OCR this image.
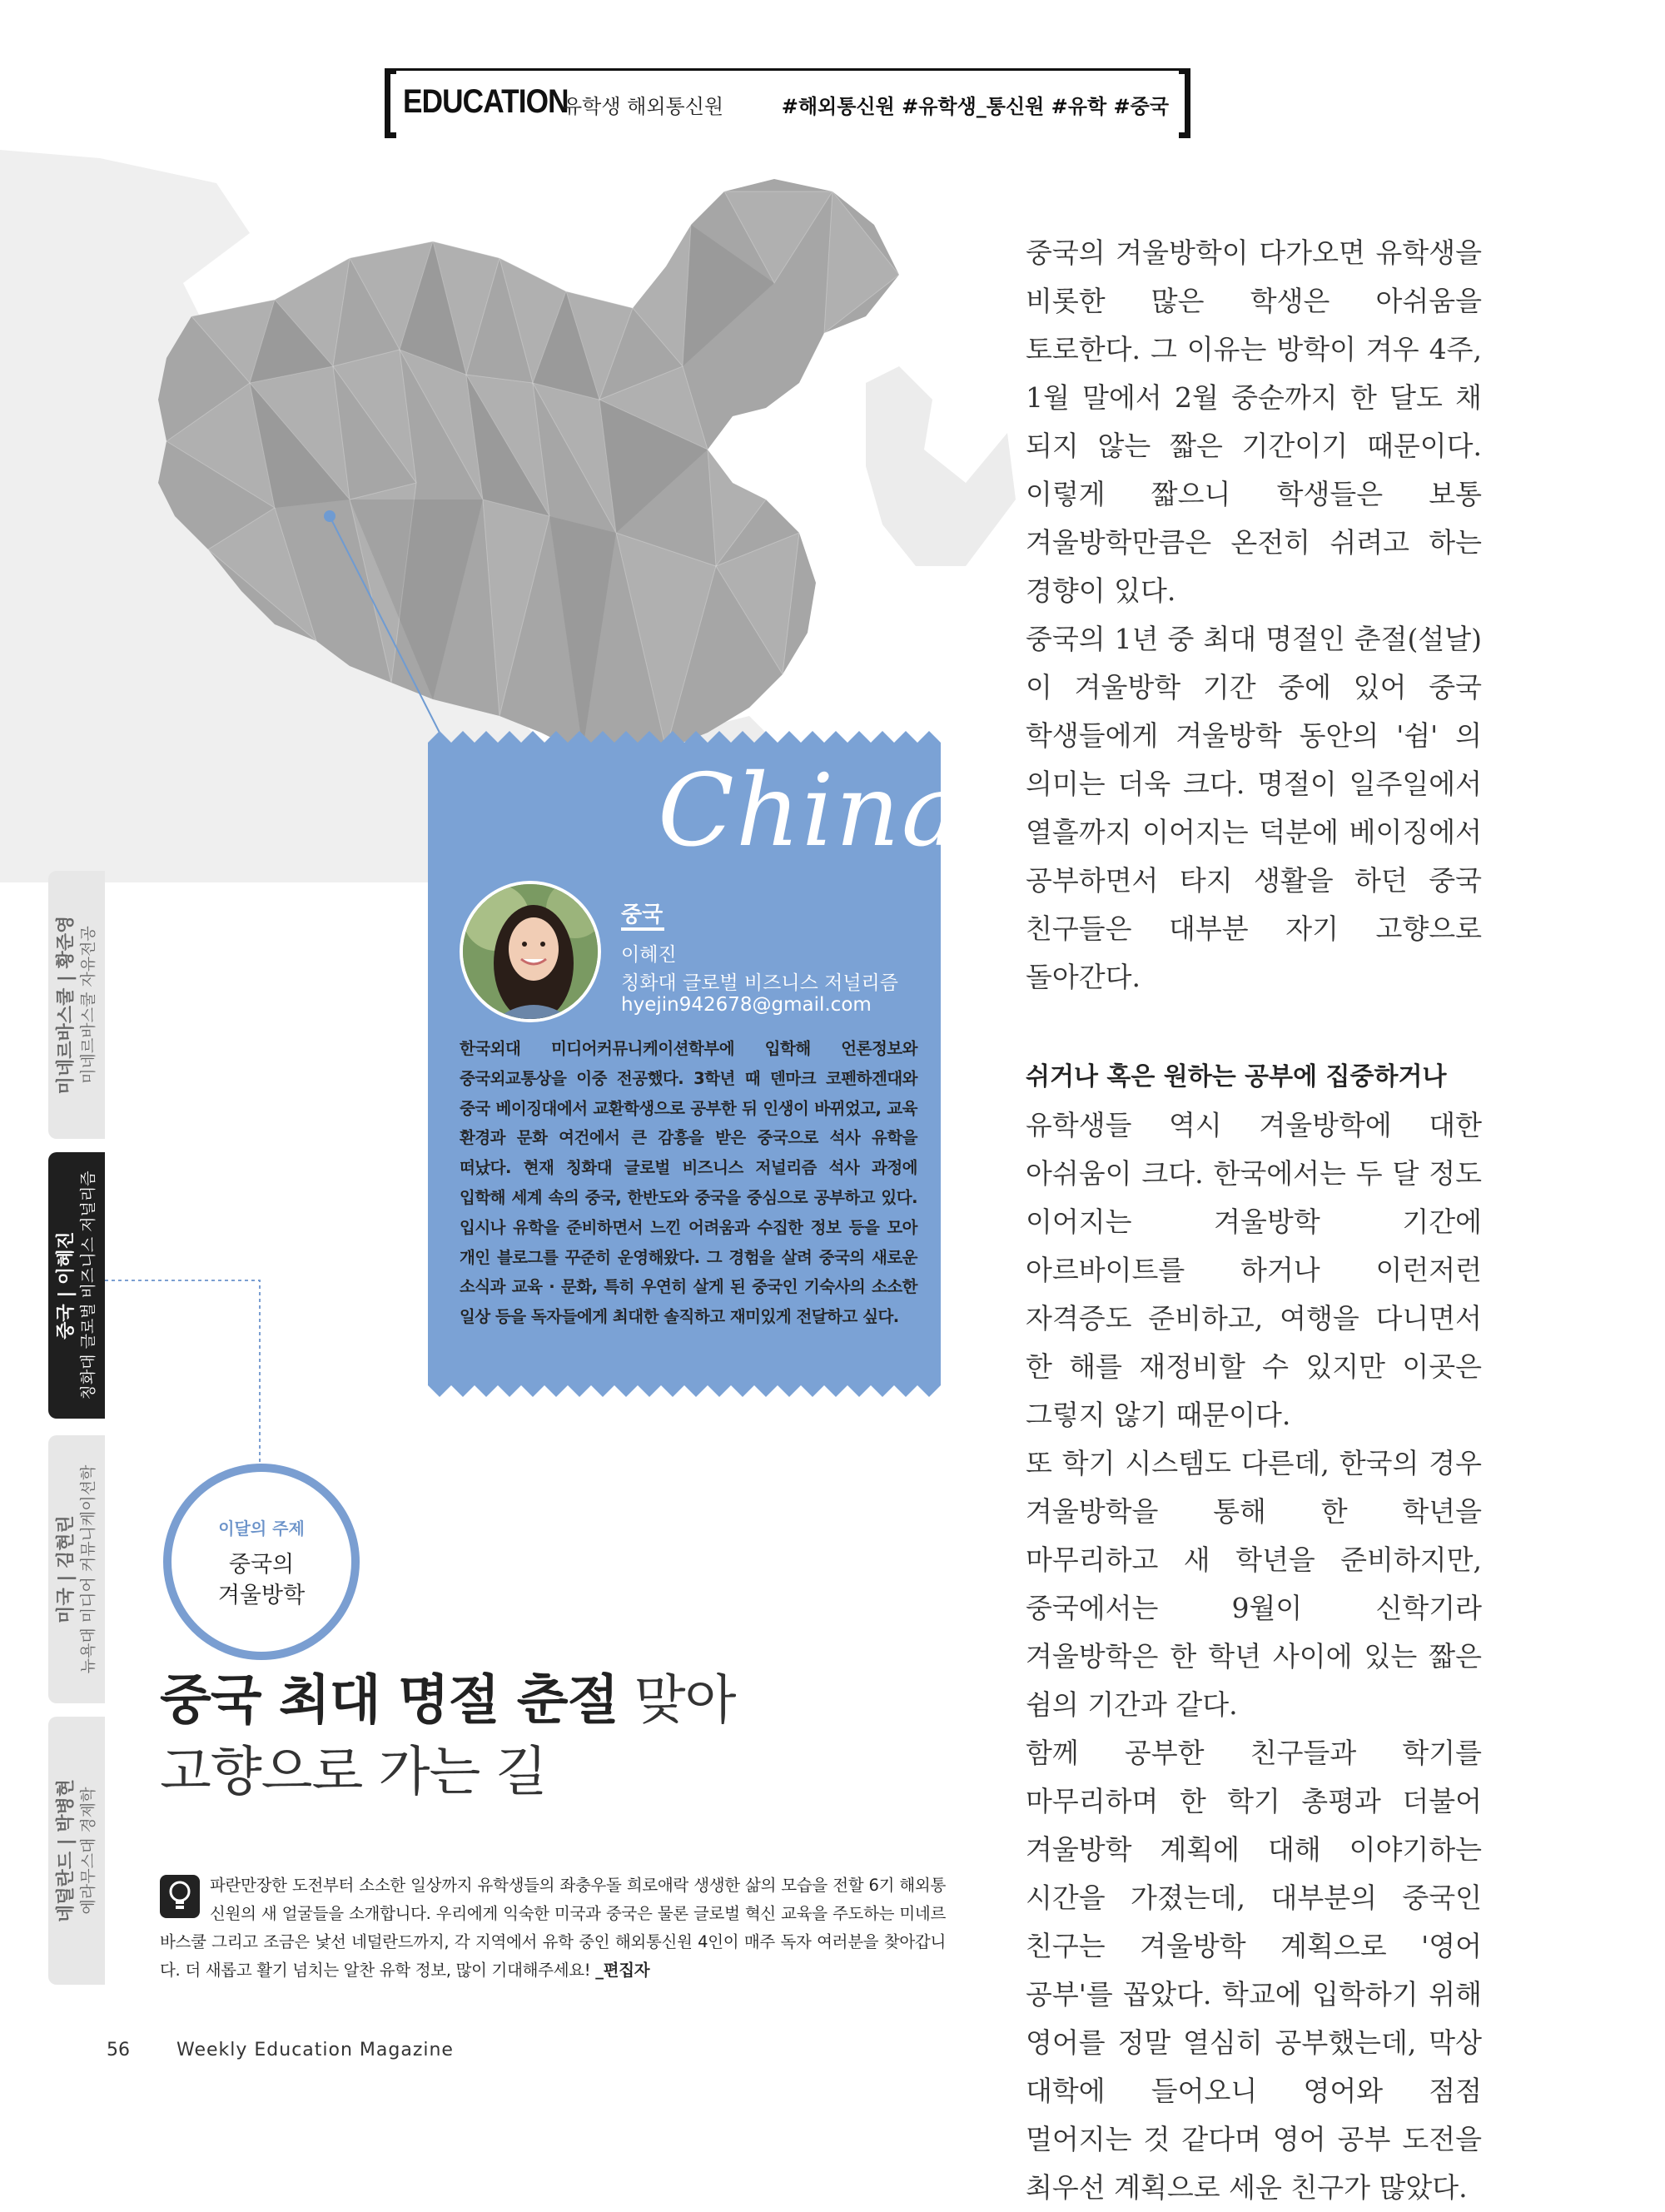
EDUCATION
유학생 해외통신원	#해외통신원 #유학생_통신원 #유학 #중국

중국의 겨울방학이 다가오면 유학생을 비롯한 많은 학생은 아쉬움을 토로한다. 그 이유는 방학이 겨우 4주, 1월 말에서 2월 중순까지 한 달도 채 되지 않는 짧은 기간이기 때문이다. 이렇게 짧으니 학생들은 보통 겨울방학만큼은 온전히 쉬려고 하는 경향이 있다.

중국의 1년 중 최대 명절인 춘절(설날)이 겨울방학 기간 중에 있어 중국 학생들에게 겨울방학 동안의 '쉼' 의 의미는 더욱 크다. 명절이 일주일에서 열흘까지 이어지는 덕분에 베이징에서 공부하면서 타지 생활을 하던 중국 친구들은 대부분 자기 고향으로 돌아간다.

쉬거나 혹은 원하는 공부에 집중하거나

유학생들 역시 겨울방학에 대한 아쉬움이 크다. 한국에서는 두 달 정도 이어지는 겨울방학 기간에 아르바이트를 하거나 이런저런 자격증도 준비하고, 여행을 다니면서 한 해를 재정비할 수 있지만 이곳은 그렇지 않기 때문이다.

또 학기 시스템도 다른데, 한국의 경우 겨울방학을 통해 한 학년을 마무리하고 새 학년을 준비하지만, 중국에서는 9월이 신학기라 겨울방학은 한 학년 사이에 있는 짧은 쉼의 기간과 같다.

함께 공부한 친구들과 학기를 마무리하며 한 학기 총평과 더불어 겨울방학 계획에 대해 이야기하는 시간을 가졌는데, 대부분의 중국인 친구는 겨울방학 계획으로 '영어 공부'를 꼽았다. 학교에 입학하기 위해 영어를 정말 열심히 공부했는데, 막상 대학에 들어오니 영어와 점점 멀어지는 것 같다며 영어 공부 도전을 최우선 계획으로 세운 친구가 많았다.

미네르바스쿨 | 황준영 미네르바스쿨 자유전공
중국 | 이혜진 칭화대 글로벌 비즈니스 저널리즘
미국 | 김현린 뉴욕대 미디어 커뮤니케이션학
네덜란드 | 박병현 에라무스대 경제학
China
중국
이혜진
칭화대 글로벌 비즈니스 저널리즘
hyejin942678@gmail.com
한국외대 미디어커뮤니케이션학부에 입학해 언론정보와 중국외교통상을 이중 전공했다. 3학년 때 덴마크 코펜하겐대와 중국 베이징대에서 교환학생으로 공부한 뒤 인생이 바뀌었고, 교육 환경과 문화 여건에서 큰 감흥을 받은 중국으로 석사 유학을 떠났다. 현재 칭화대 글로벌 비즈니스 저널리즘 석사 과정에 입학해 세계 속의 중국, 한반도와 중국을 중심으로 공부하고 있다. 입시나 유학을 준비하면서 느낀 어려움과 수집한 정보 등을 모아 개인 블로그를 꾸준히 운영해왔다. 그 경험을 살려 중국의 새로운 소식과 교육 · 문화, 특히 우연히 살게 된 중국인 기숙사의 소소한 일상 등을 독자들에게 최대한 솔직하고 재미있게 전달하고 싶다.
이달의 주제
중국의
겨울방학
중국 최대 명절 춘절 맞아
고향으로 가는 길
파란만장한 도전부터 소소한 일상까지 유학생들의 좌충우돌 희로애락 생생한 삶의 모습을 전할 6기 해외통신원의 새 얼굴들을 소개합니다. 우리에게 익숙한 미국과 중국은 물론 글로벌 혁신 교육을 주도하는 미네르바스쿨 그리고 조금은 낯선 네덜란드까지, 각 지역에서 유학 중인 해외통신원 4인이 매주 독자 여러분을 찾아갑니다. 더 새롭고 활기 넘치는 알찬 유학 정보, 많이 기대해주세요! _편집자
56	Weekly Education Magazine
